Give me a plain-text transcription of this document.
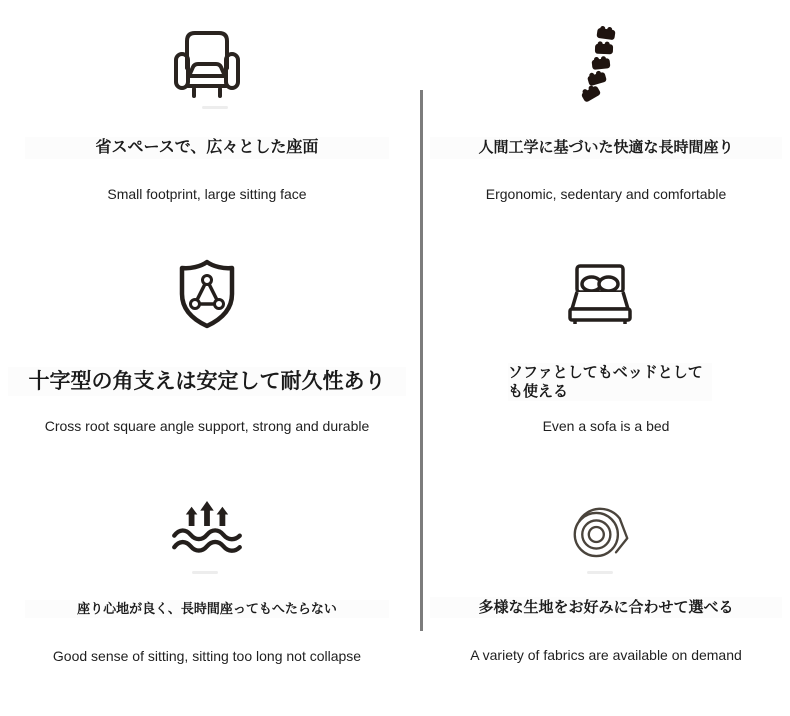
省スペースで、広々とした座面
Small footprint, large sitting face
人間工学に基づいた快適な長時間座り
Ergonomic, sedentary and comfortable
十字型の角支えは安定して耐久性あり
Cross root square angle support, strong and durable
ソファとしてもベッドとしても使える
Even a sofa is a bed
座り心地が良く、長時間座ってもへたらない
Good sense of sitting, sitting too long not collapse
多様な生地をお好みに合わせて選べる
A variety of fabrics are available on demand
